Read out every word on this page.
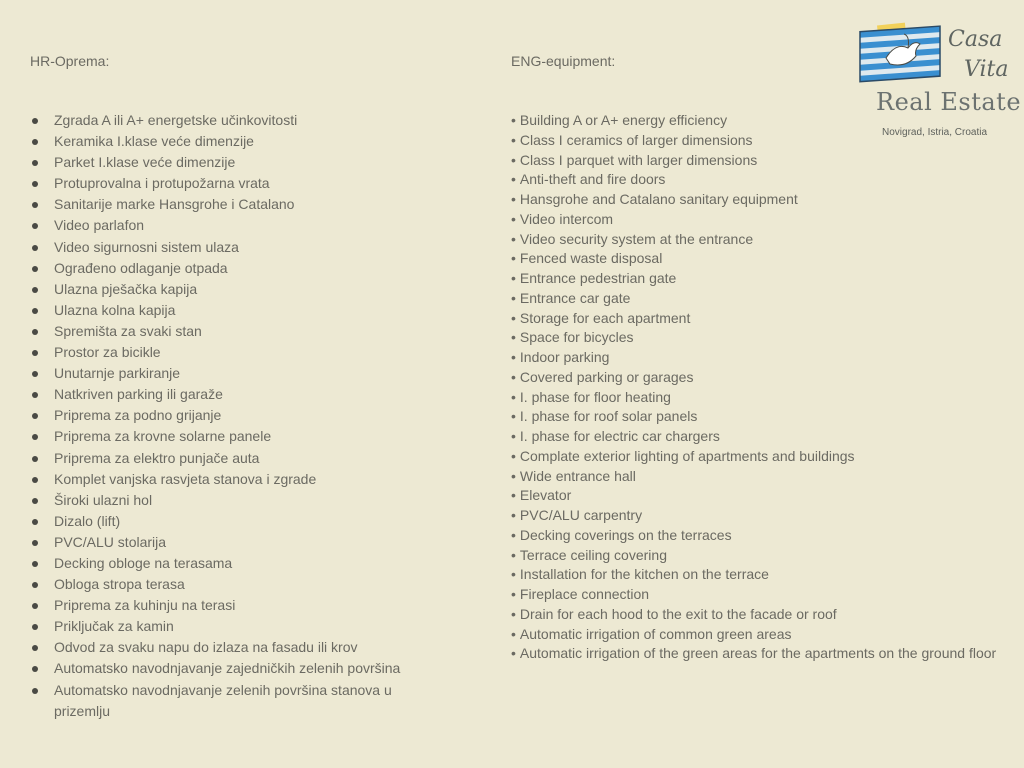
HR-Oprema:
Zgrada A ili A+ energetske učinkovitosti
Keramika I.klase veće dimenzije
Parket I.klase veće dimenzije
Protuprovalna i protupožarna vrata
Sanitarije marke Hansgrohe i Catalano
Video parlafon
Video sigurnosni sistem ulaza
Ograđeno odlaganje otpada
Ulazna pješačka kapija
Ulazna kolna kapija
Spremišta za svaki stan
Prostor za bicikle
Unutarnje parkiranje
Natkriven parking ili garaže
Priprema za podno grijanje
Priprema za krovne solarne panele
Priprema za elektro punjače auta
Komplet vanjska rasvjeta stanova i zgrade
Široki ulazni hol
Dizalo (lift)
PVC/ALU stolarija
Decking obloge na terasama
Obloga stropa terasa
Priprema za kuhinju na terasi
Priključak za kamin
Odvod za svaku napu do izlaza na fasadu ili krov
Automatsko navodnjavanje zajedničkih zelenih površina
Automatsko navodnjavanje zelenih površina stanova u prizemlju
ENG-equipment:
• Building A or A+ energy efficiency
• Class I ceramics of larger dimensions
• Class I parquet with larger dimensions
• Anti-theft and fire doors
• Hansgrohe and Catalano sanitary equipment
• Video intercom
• Video security system at the entrance
• Fenced waste disposal
• Entrance pedestrian gate
• Entrance car gate
• Storage for each apartment
• Space for bicycles
• Indoor parking
• Covered parking or garages
• I. phase for floor heating
• I. phase for roof solar panels
• I. phase for electric car chargers
• Complate exterior lighting of apartments and buildings
• Wide entrance hall
• Elevator
• PVC/ALU carpentry
• Decking coverings on the terraces
• Terrace ceiling covering
• Installation for the kitchen on the terrace
• Fireplace connection
• Drain for each hood to the exit to the facade or roof
• Automatic irrigation of common green areas
• Automatic irrigation of the green areas for the apartments on the ground floor
Casa
Vita
Real Estate
Novigrad, Istria, Croatia
